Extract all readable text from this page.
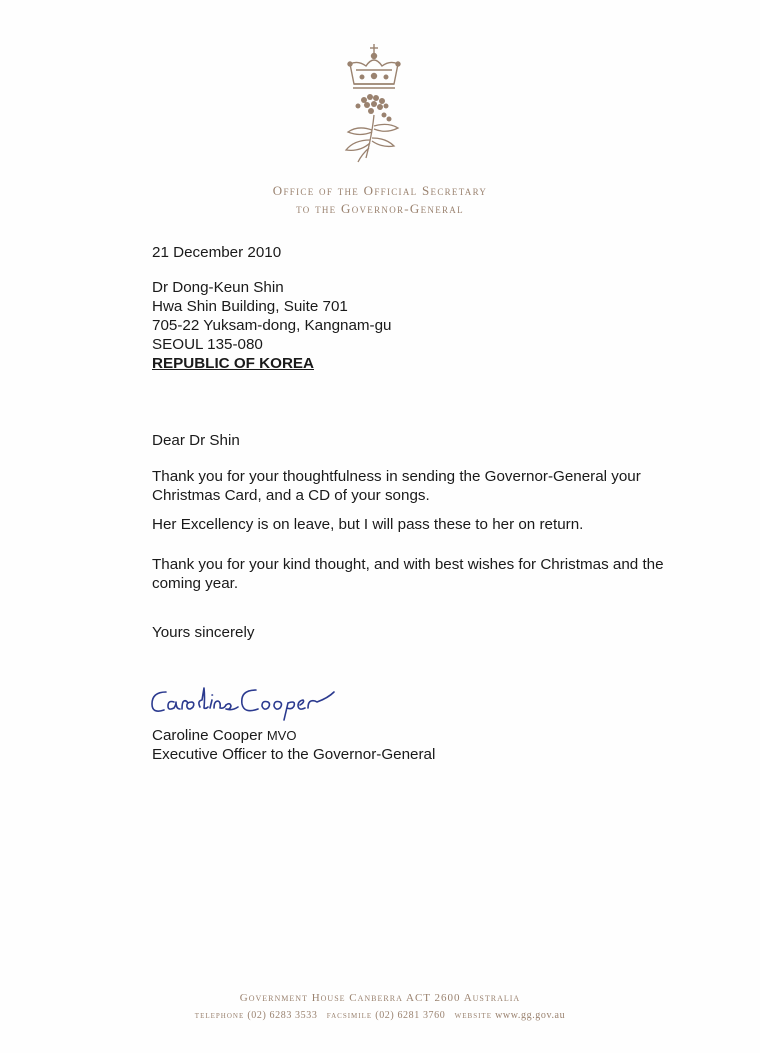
Office of the Official Secretary
to the Governor-General
21 December 2010
Dr Dong-Keun Shin
Hwa Shin Building, Suite 701
705-22 Yuksam-dong, Kangnam-gu
SEOUL 135-080
REPUBLIC OF KOREA
Dear Dr Shin
Thank you for your thoughtfulness in sending the Governor-General your Christmas Card, and a CD of your songs.
Her Excellency is on leave, but I will pass these to her on return.
Thank you for your kind thought, and with best wishes for Christmas and the coming year.
Yours sincerely
Caroline Cooper MVO
Executive Officer to the Governor-General
Government House Canberra ACT 2600 Australia
telephone (02) 6283 3533 facsimile (02) 6281 3760 website www.gg.gov.au
